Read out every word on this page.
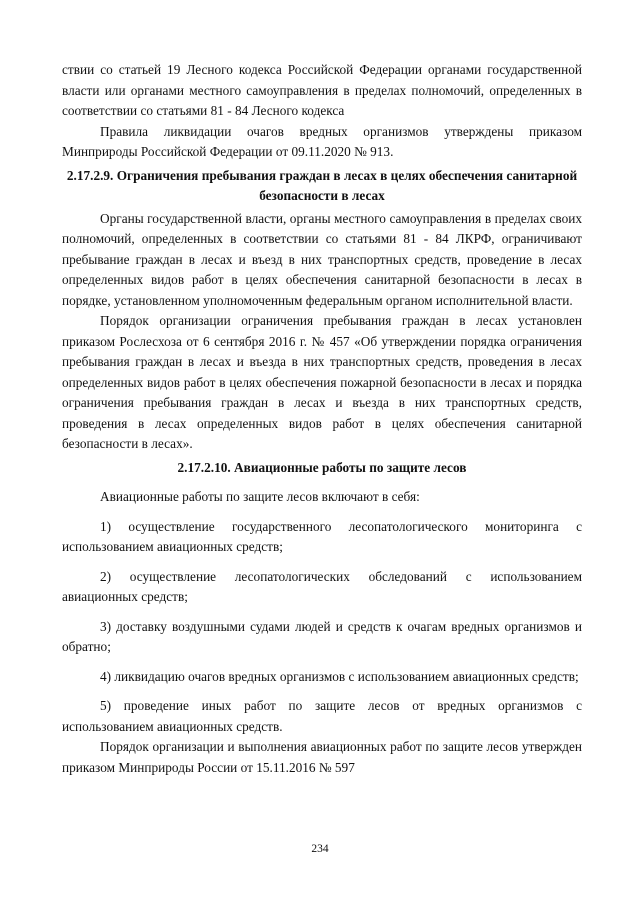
ствии со статьей 19 Лесного кодекса Российской Федерации органами государственной власти или органами местного самоуправления в пределах полномочий, определенных в соответствии со статьями 81 - 84 Лесного кодекса

Правила ликвидации очагов вредных организмов утверждены приказом Минприроды Российской Федерации от 09.11.2020 № 913.

2.17.2.9. Ограничения пребывания граждан в лесах в целях обеспечения санитарной безопасности в лесах

Органы государственной власти, органы местного самоуправления в пределах своих полномочий, определенных в соответствии со статьями 81 - 84 ЛКРФ, ограничивают пребывание граждан в лесах и въезд в них транспортных средств, проведение в лесах определенных видов работ в целях обеспечения санитарной безопасности в лесах в порядке, установленном уполномоченным федеральным органом исполнительной власти.

Порядок организации ограничения пребывания граждан в лесах установлен приказом Рослесхоза от 6 сентября 2016 г. № 457 «Об утверждении порядка ограничения пребывания граждан в лесах и въезда в них транспортных средств, проведения в лесах определенных видов работ в целях обеспечения пожарной безопасности в лесах и порядка ограничения пребывания граждан в лесах и въезда в них транспортных средств, проведения в лесах определенных видов работ в целях обеспечения санитарной безопасности в лесах».

2.17.2.10. Авиационные работы по защите лесов

Авиационные работы по защите лесов включают в себя:

1) осуществление государственного лесопатологического мониторинга с использованием авиационных средств;

2) осуществление лесопатологических обследований с использованием авиационных средств;

3) доставку воздушными судами людей и средств к очагам вредных организмов и обратно;

4) ликвидацию очагов вредных организмов с использованием авиационных средств;

5) проведение иных работ по защите лесов от вредных организмов с использованием авиационных средств.

Порядок организации и выполнения авиационных работ по защите лесов утвержден приказом Минприроды России от 15.11.2016 № 597

234
